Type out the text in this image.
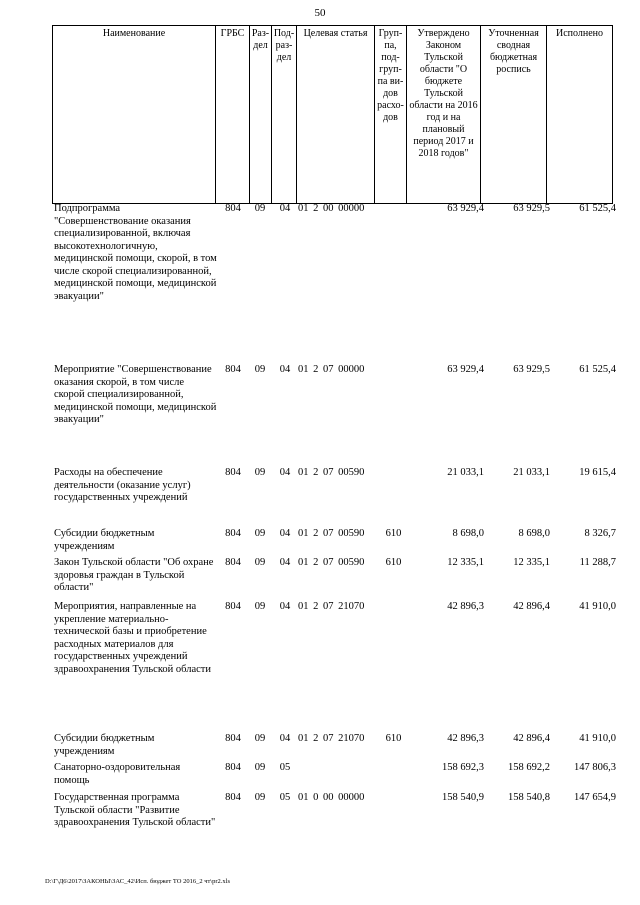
50
Наименование	ГРБС	Раз-дел	Под-раз-дел	Целевая статья	Груп-па, под-груп-па ви-дов расхо-дов	Утверждено Законом Тульской области "О бюджете Тульской области на 2016 год и на плановый период 2017 и 2018 годов"	Уточненная сводная бюджетная роспись	Исполнено
Подпрограмма "Совершенствование оказания специализированной, включая высокотехнологичную, медицинской помощи, скорой, в том числе скорой специализированной, медицинской помощи, медицинской эвакуации"
804	09	04 01 2 00 00000	63 929,4	63 929,5	61 525,4
Мероприятие "Совершенствование оказания скорой, в том числе скорой специализированной, медицинской помощи, медицинской эвакуации"
804	09	04 01 2 07 00000	63 929,4	63 929,5	61 525,4
Расходы на обеспечение деятельности (оказание услуг) государственных учреждений
804	09	04 01 2 07 00590	21 033,1	21 033,1	19 615,4
Субсидии бюджетным учреждениям
804	09	04 01 2 07 00590	610	8 698,0	8 698,0	8 326,7
Закон Тульской области "Об охране здоровья граждан в Тульской области"
804	09	04 01 2 07 00590	610	12 335,1	12 335,1	11 288,7
Мероприятия, направленные на укрепление материально-технической базы и приобретение расходных материалов для государственных учреждений здравоохранения Тульской области
804	09	04 01 2 07 21070	42 896,3	42 896,4	41 910,0
Субсидии бюджетным учреждениям
804	09	04 01 2 07 21070	610	42 896,3	42 896,4	41 910,0
Санаторно-оздоровительная помощь
804	09	05	158 692,3	158 692,2	147 806,3
Государственная программа Тульской области "Развитие здравоохранения Тульской области"
804	09	05 01 0 00 00000	158 540,9	158 540,8	147 654,9
D:\Г\Д6\2017\ЗАКОНЫ\ЗАС_42\Исп. бюджет ТО 2016_2 чт\pr2.xls
